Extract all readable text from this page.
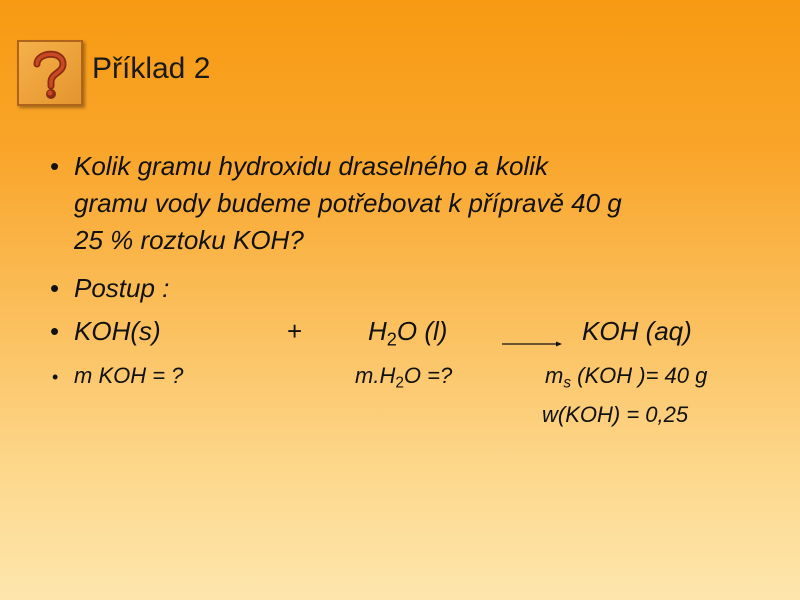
Příklad 2
• Kolik gramu hydroxidu draselného a kolik
gramu vody budeme potřebovat k přípravě 40 g
25 % roztoku KOH?
• Postup :
• KOH(s)	+	$H_2O$ (l)	→ KOH (aq)
• m KOH = ?	$m.H_2O$ =?	$m_s$ (KOH )= 40 g
w(KOH) = 0,25
